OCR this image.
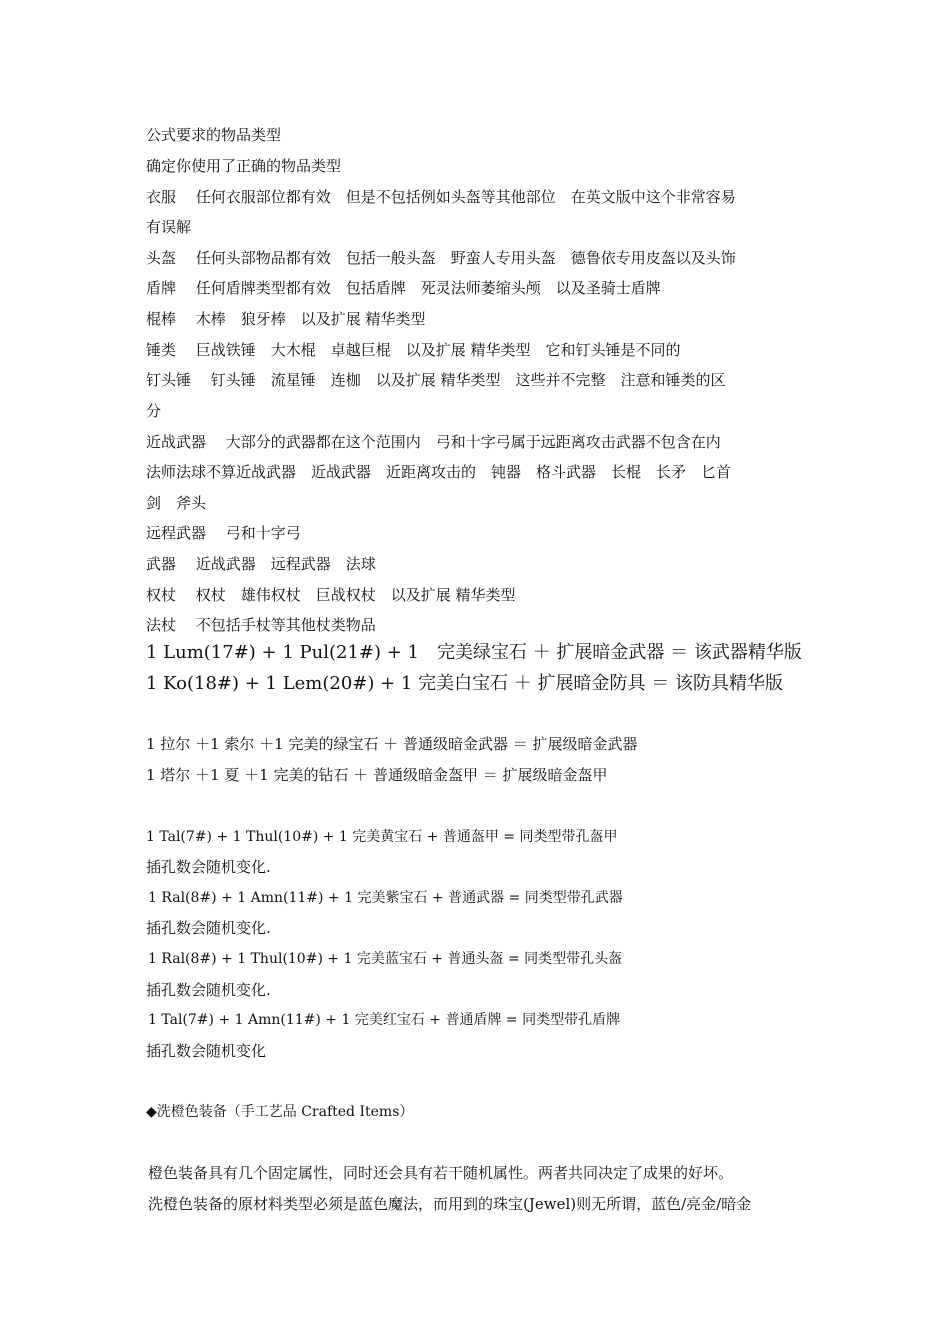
公式要求的物品类型
确定你使用了正确的物品类型
衣服　 任何衣服部位都有效　但是不包括例如头盔等其他部位　在英文版中这个非常容易
有误解
头盔　 任何头部物品都有效　包括一般头盔　野蛮人专用头盔　德鲁依专用皮盔以及头饰
盾牌　 任何盾牌类型都有效　包括盾牌　死灵法师萎缩头颅　以及圣骑士盾牌
棍棒　 木棒　狼牙棒　以及扩展 精华类型
锤类　 巨战铁锤　大木棍　卓越巨棍　以及扩展 精华类型　它和钉头锤是不同的
钉头锤　 钉头锤　流星锤　连枷　以及扩展 精华类型　这些并不完整　注意和锤类的区
分
近战武器　 大部分的武器都在这个范围内　弓和十字弓属于远距离攻击武器不包含在内
法师法球不算近战武器　近战武器　近距离攻击的　钝器　格斗武器　长棍　长矛　匕首
剑　斧头
远程武器　 弓和十字弓
武器　 近战武器　远程武器　法球
权杖　 权杖　雄伟权杖　巨战权杖　以及扩展 精华类型
法杖　 不包括手杖等其他杖类物品
1 Lum(17#) + 1 Pul(21#) + 1　完美绿宝石 ＋ 扩展暗金武器 ＝ 该武器精华版
1 Ko(18#) + 1 Lem(20#) + 1 完美白宝石 ＋ 扩展暗金防具 ＝ 该防具精华版
1 拉尔 ＋1 索尔 ＋1 完美的绿宝石 ＋ 普通级暗金武器 ＝ 扩展级暗金武器
1 塔尔 ＋1 夏 ＋1 完美的钻石 ＋ 普通级暗金盔甲 ＝ 扩展级暗金盔甲
1 Tal(7#) + 1 Thul(10#) + 1 完美黄宝石 + 普通盔甲 = 同类型带孔盔甲
插孔数会随机变化.
1 Ral(8#) + 1 Amn(11#) + 1 完美紫宝石 + 普通武器 = 同类型带孔武器
插孔数会随机变化.
1 Ral(8#) + 1 Thul(10#) + 1 完美蓝宝石 + 普通头盔 = 同类型带孔头盔
插孔数会随机变化.
1 Tal(7#) + 1 Amn(11#) + 1 完美红宝石 + 普通盾牌 = 同类型带孔盾牌
插孔数会随机变化
◆洗橙色装备（手工艺品 Crafted Items）
橙色装备具有几个固定属性，同时还会具有若干随机属性。两者共同决定了成果的好坏。
洗橙色装备的原材料类型必须是蓝色魔法，而用到的珠宝(Jewel)则无所谓，蓝色/亮金/暗金
